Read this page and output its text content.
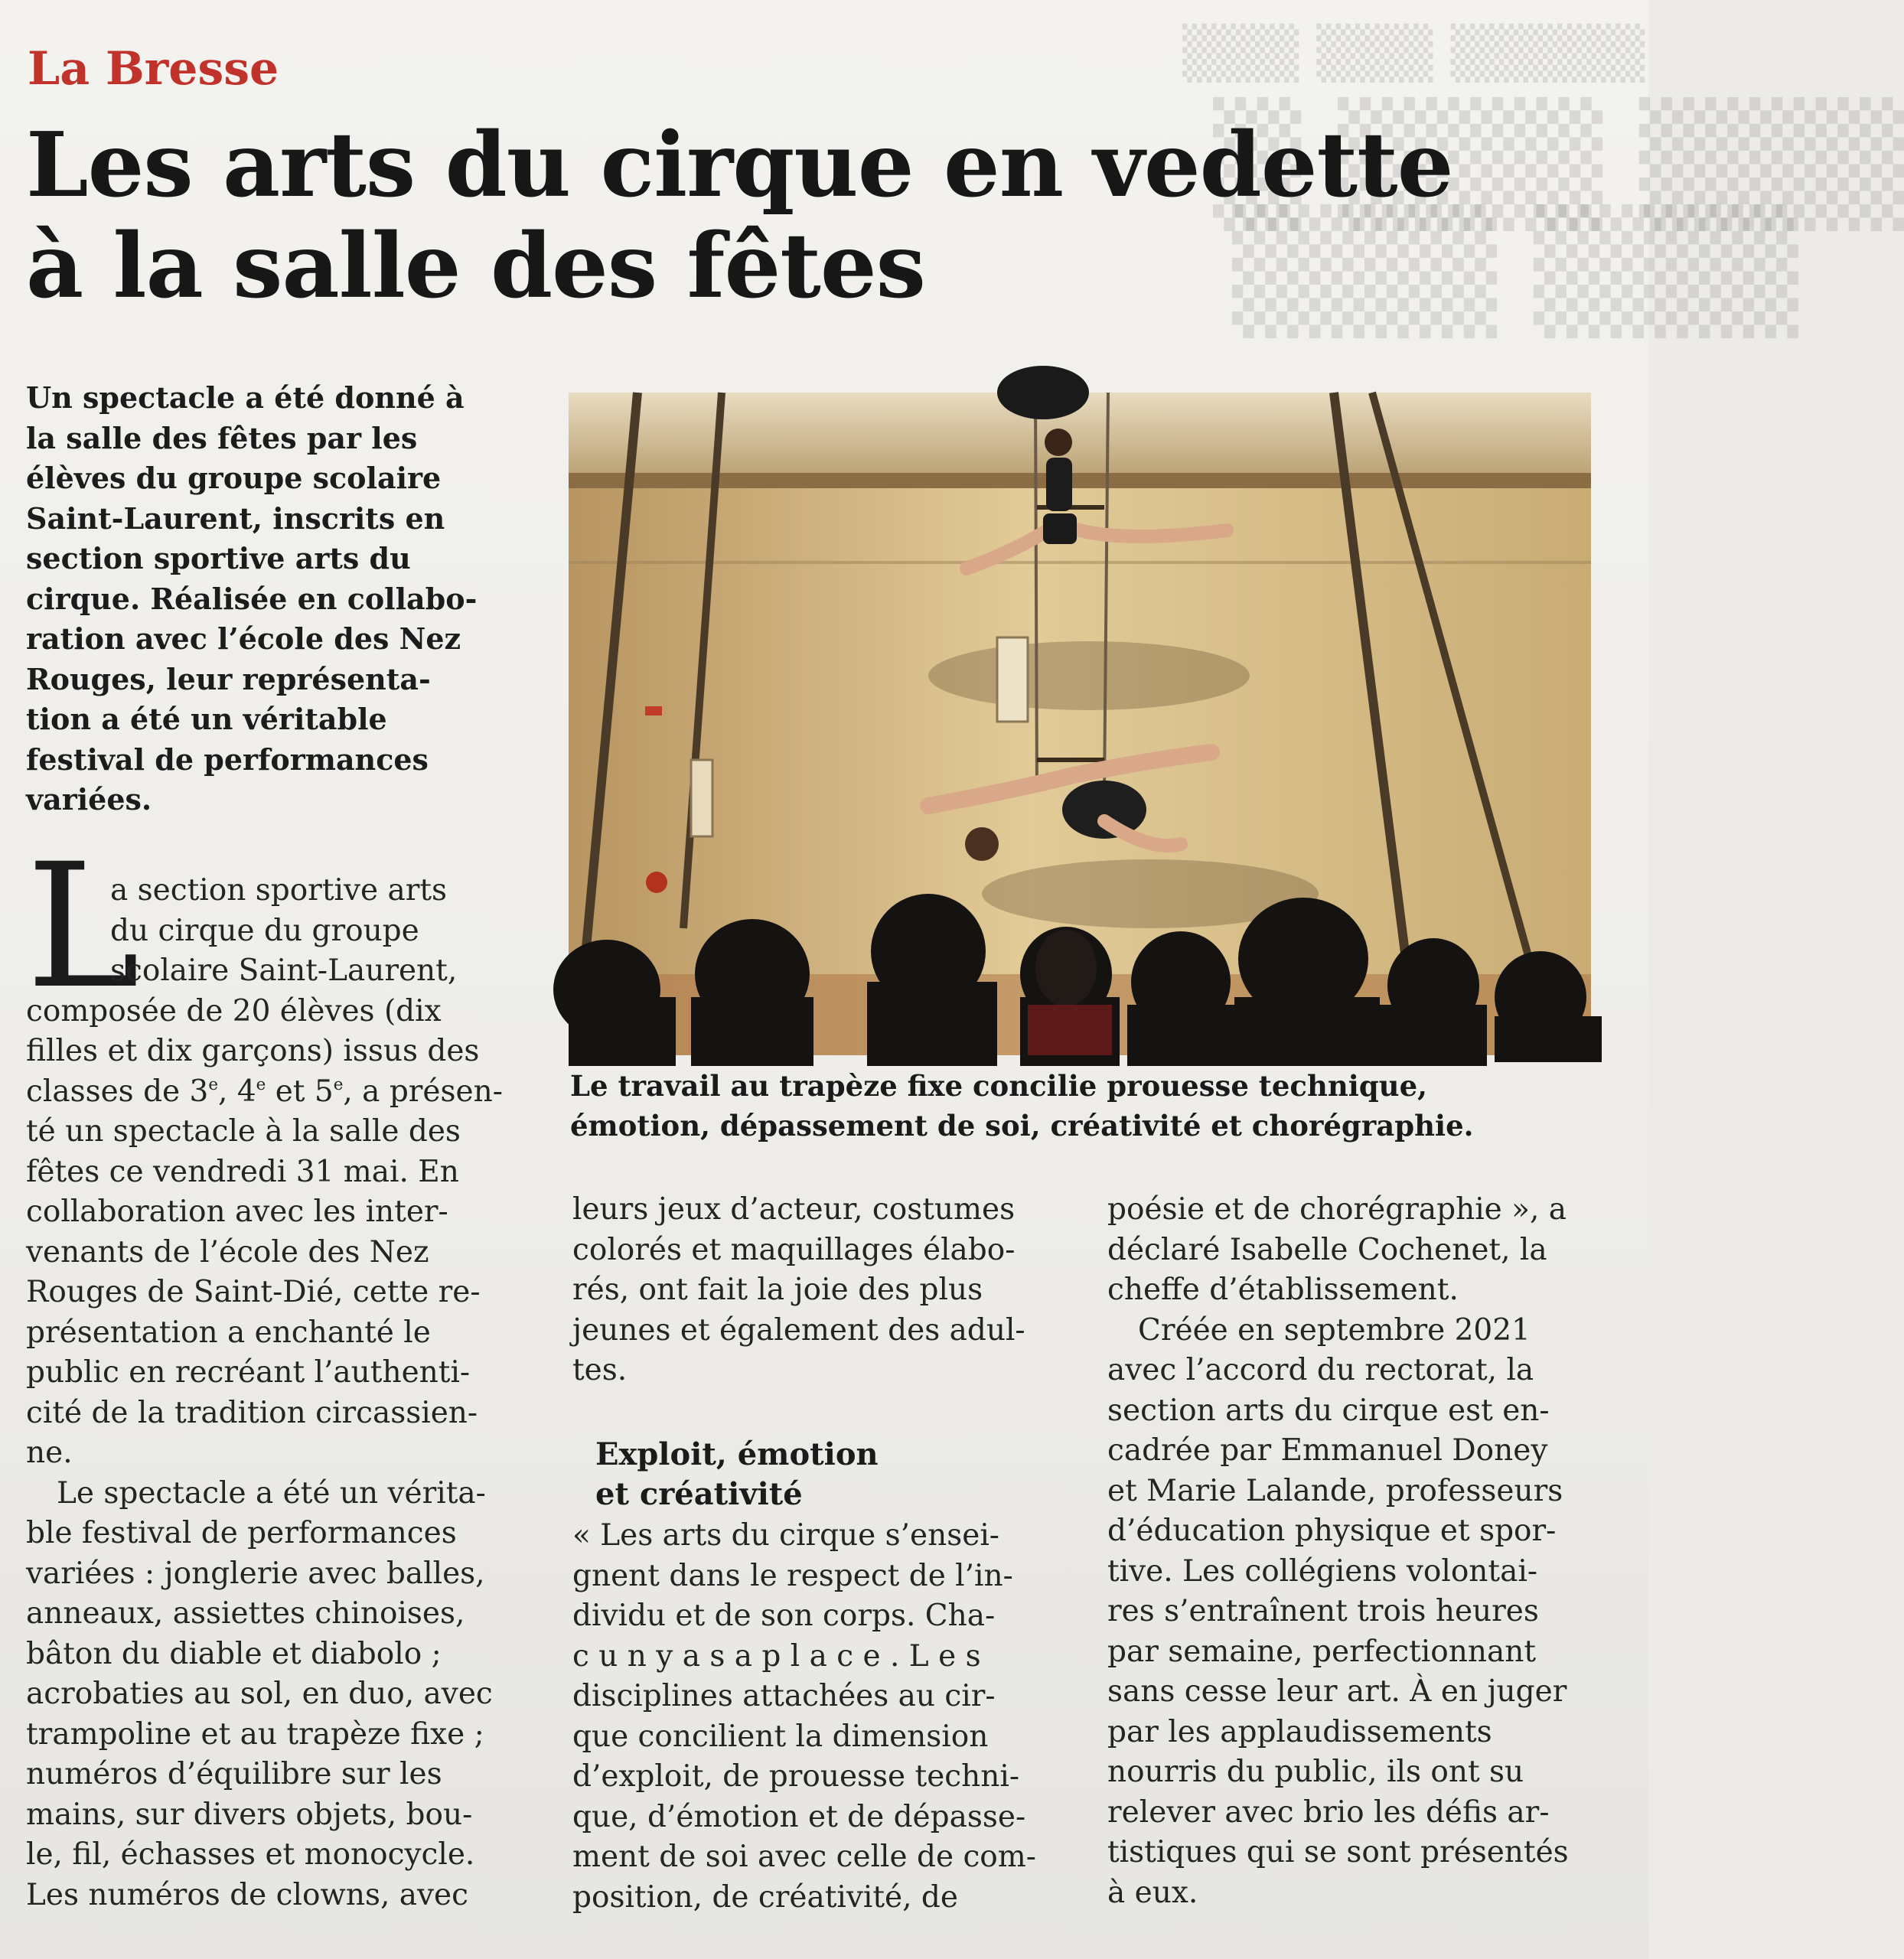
▒▒▒ ▒▒▒ ▒▒▒▒▒
▒ ▒▒▒ ▒▒▒
▒▒▒ ▒▒▒
La Bresse
Les arts du cirque en vedette
à la salle des fêtes
Un spectacle a été donné à
la salle des fêtes par les
élèves du groupe scolaire
Saint-Laurent, inscrits en
section sportive arts du
cirque. Réalisée en collabo-
ration avec l’école des Nez
Rouges, leur représenta-
tion a été un véritable
festival de performances
variées.
Le travail au trapèze fixe concilie prouesse technique,
émotion, dépassement de soi, créativité et chorégraphie.
L
a section sportive arts
du cirque du groupe
scolaire Saint-Laurent,
composée de 20 élèves (dix
filles et dix garçons) issus des
classes de 3e, 4e et 5e, a présen-
té un spectacle à la salle des
fêtes ce vendredi 31 mai. En
collaboration avec les inter-
venants de l’école des Nez
Rouges de Saint-Dié, cette re-
présentation a enchanté le
public en recréant l’authenti-
cité de la tradition circassien-
ne.
Le spectacle a été un vérita-
ble festival de performances
variées : jonglerie avec balles,
anneaux, assiettes chinoises,
bâton du diable et diabolo ;
acrobaties au sol, en duo, avec
trampoline et au trapèze fixe ;
numéros d’équilibre sur les
mains, sur divers objets, bou-
le, fil, échasses et monocycle.
Les numéros de clowns, avec
leurs jeux d’acteur, costumes
colorés et maquillages élabo-
rés, ont fait la joie des plus
jeunes et également des adul-
tes.
Exploit, émotion
et créativité
« Les arts du cirque s’ensei-
gnent dans le respect de l’in-
dividu et de son corps. Cha-
c u n y a s a p l a c e . L e s
disciplines attachées au cir-
que concilient la dimension
d’exploit, de prouesse techni-
que, d’émotion et de dépasse-
ment de soi avec celle de com-
position, de créativité, de
poésie et de chorégraphie », a
déclaré Isabelle Cochenet, la
cheffe d’établissement.
Créée en septembre 2021
avec l’accord du rectorat, la
section arts du cirque est en-
cadrée par Emmanuel Doney
et Marie Lalande, professeurs
d’éducation physique et spor-
tive. Les collégiens volontai-
res s’entraînent trois heures
par semaine, perfectionnant
sans cesse leur art. À en juger
par les applaudissements
nourris du public, ils ont su
relever avec brio les défis ar-
tistiques qui se sont présentés
à eux.
